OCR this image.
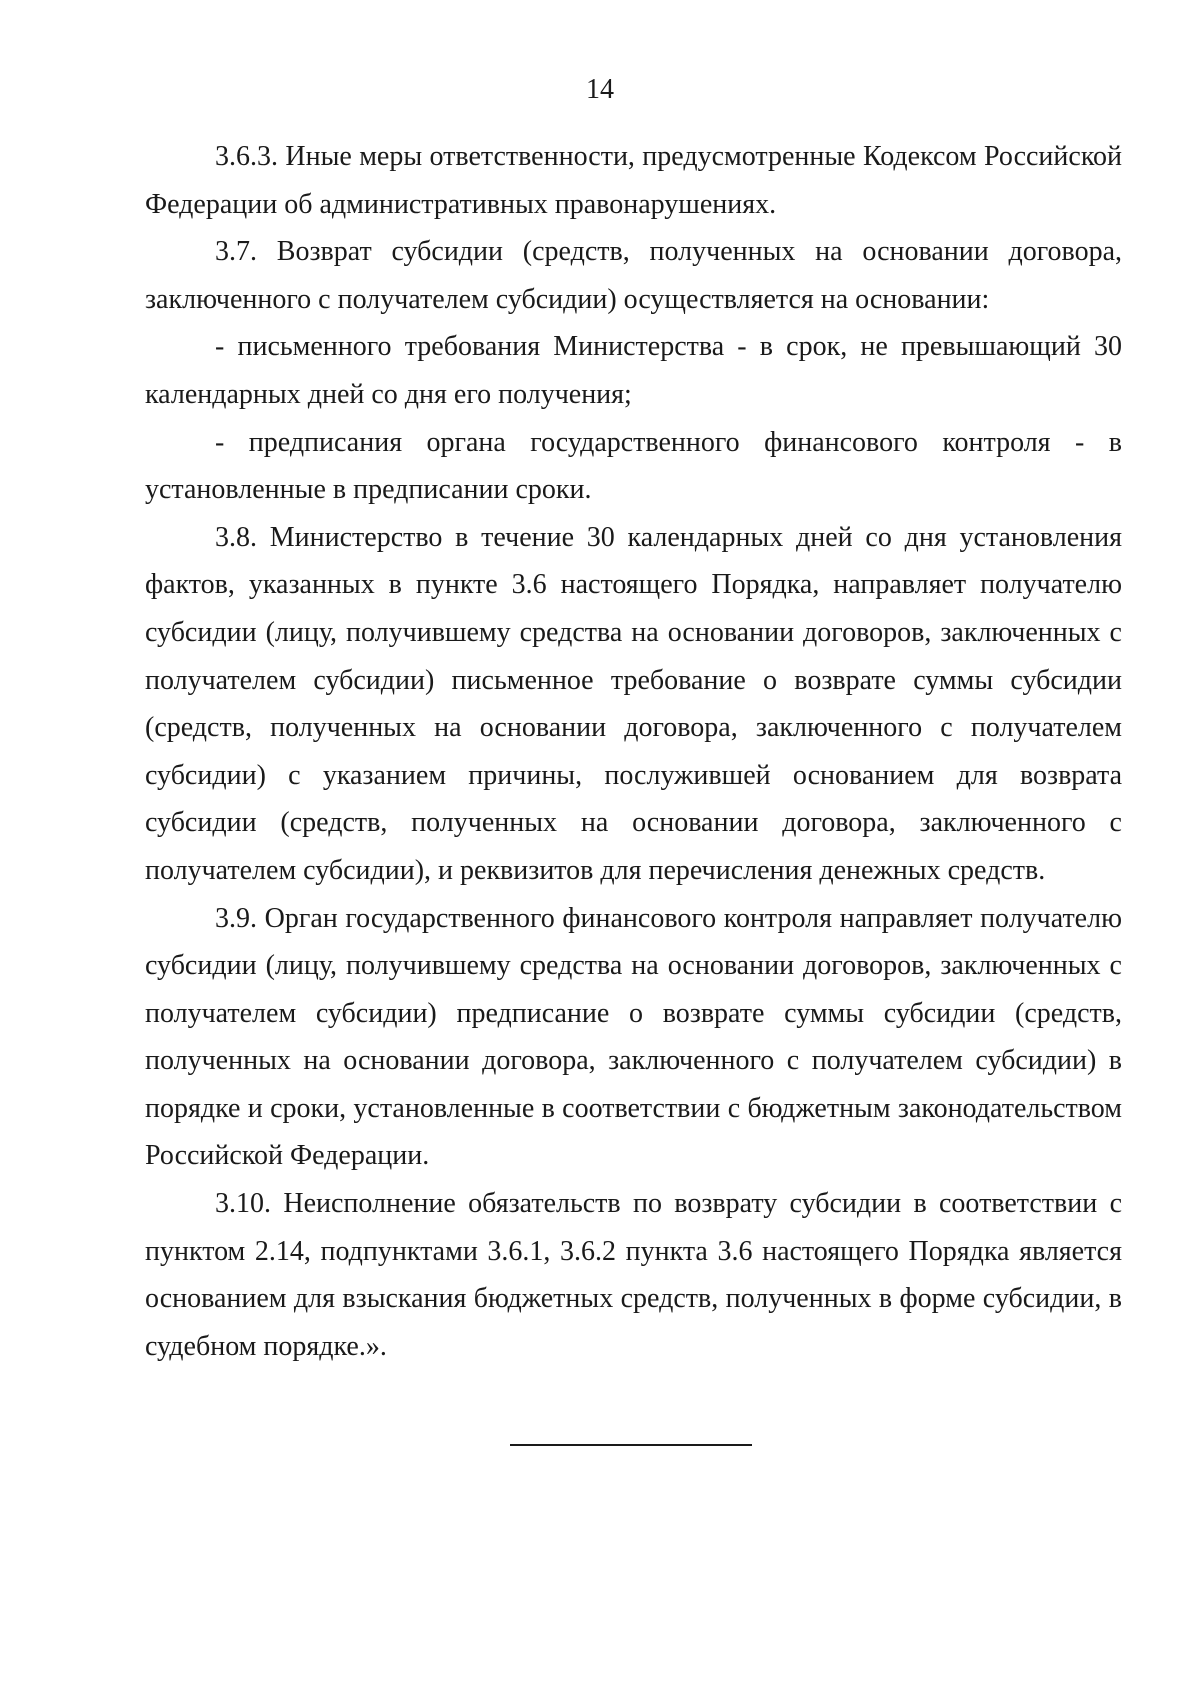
14

3.6.3. Иные меры ответственности, предусмотренные Кодексом Российской Федерации об административных правонарушениях.

3.7. Возврат субсидии (средств, полученных на основании договора, заключенного с получателем субсидии) осуществляется на основании:

- письменного требования Министерства - в срок, не превышающий 30 календарных дней со дня его получения;

- предписания органа государственного финансового контроля - в установленные в предписании сроки.

3.8. Министерство в течение 30 календарных дней со дня установления фактов, указанных в пункте 3.6 настоящего Порядка, направляет получателю субсидии (лицу, получившему средства на основании договоров, заключенных с получателем субсидии) письменное требование о возврате суммы субсидии (средств, полученных на основании договора, заключенного с получателем субсидии) с указанием причины, послужившей основанием для возврата субсидии (средств, полученных на основании договора, заключенного с получателем субсидии), и реквизитов для перечисления денежных средств.

3.9. Орган государственного финансового контроля направляет получателю субсидии (лицу, получившему средства на основании договоров, заключенных с получателем субсидии) предписание о возврате суммы субсидии (средств, полученных на основании договора, заключенного с получателем субсидии) в порядке и сроки, установленные в соответствии с бюджетным законодательством Российской Федерации.

3.10. Неисполнение обязательств по возврату субсидии в соответствии с пунктом 2.14, подпунктами 3.6.1, 3.6.2 пункта 3.6 настоящего Порядка является основанием для взыскания бюджетных средств, полученных в форме субсидии, в судебном порядке.».
